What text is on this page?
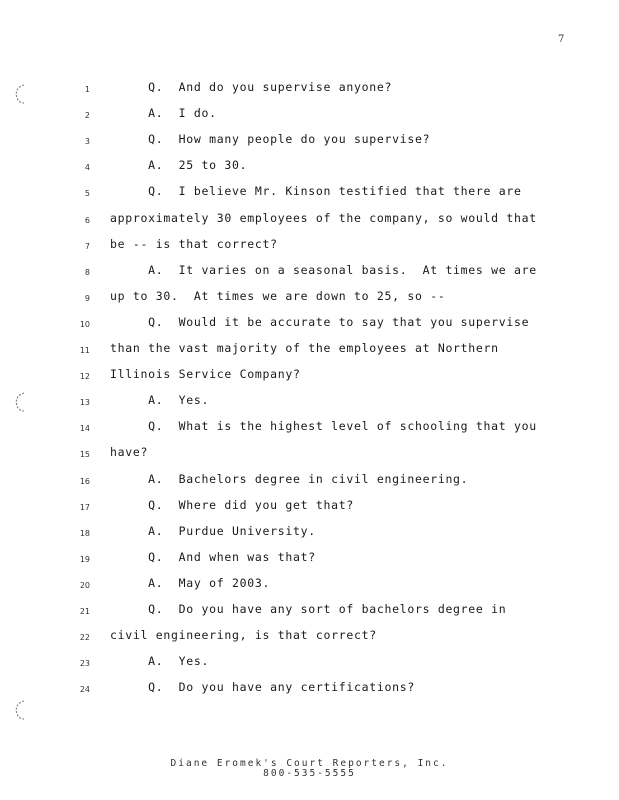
7
1 Q.  And do you supervise anyone?
2 A.  I do.
3 Q.  How many people do you supervise?
4 A.  25 to 30.
5 Q.  I believe Mr. Kinson testified that there are
6 approximately 30 employees of the company, so would that
7 be -- is that correct?
8 A.  It varies on a seasonal basis.  At times we are
9 up to 30.  At times we are down to 25, so --
10 Q.  Would it be accurate to say that you supervise
11 than the vast majority of the employees at Northern
12 Illinois Service Company?
13 A.  Yes.
14 Q.  What is the highest level of schooling that you
15 have?
16 A.  Bachelors degree in civil engineering.
17 Q.  Where did you get that?
18 A.  Purdue University.
19 Q.  And when was that?
20 A.  May of 2003.
21 Q.  Do you have any sort of bachelors degree in
22 civil engineering, is that correct?
23 A.  Yes.
24 Q.  Do you have any certifications?
Diane Eromek's Court Reporters, Inc.
800-535-5555
